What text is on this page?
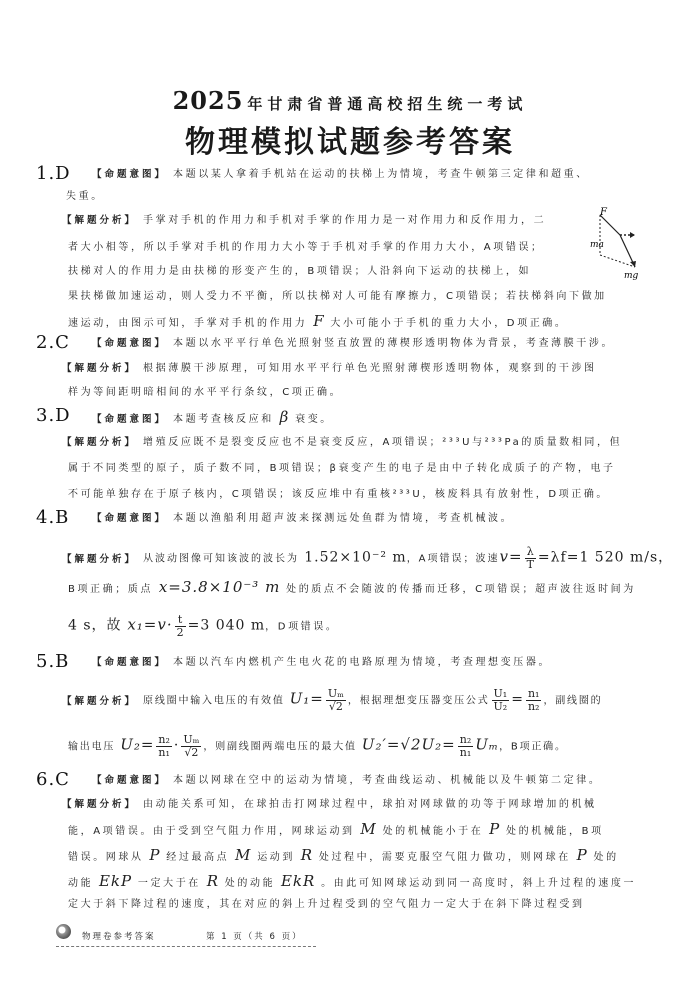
2025 年甘肃省普通高校招生统一考试
物理模拟试题参考答案
1.D	【 命题意图 】 本题以某人拿着手机站在运动的扶梯上为情境，考查牛顿第三定律和超重、
失重。
【 解题分析 】 手掌对手机的作用力和手机对手掌的作用力是一对作用力和反作用力，二
者大小相等，所以手掌对手机的作用力大小等于手机对手掌的作用力大小，A项错误；
扶梯对人的作用力是由扶梯的形变产生的，B项错误；人沿斜向下运动的扶梯上，如
果扶梯做加速运动，则人受力不平衡，所以扶梯对人可能有摩擦力，C项错误；若扶梯斜向下做加
速运动，由图示可知，手掌对手机的作用力 F 大小可能小于手机的重力大小，D项正确。
F
ma
mg
2.C	【 命题意图 】 本题以水平平行单色光照射竖直放置的薄楔形透明物体为背景，考查薄膜干涉。
【 解题分析 】 根据薄膜干涉原理，可知用水平平行单色光照射薄楔形透明物体，观察到的干涉图
样为等间距明暗相间的水平平行条纹，C项正确。
3.D	【 命题意图 】 本题考查核反应和 β 衰变。
【 解题分析 】 增殖反应既不是裂变反应也不是衰变反应，A项错误；²³³U与²³³Pa的质量数相同，但
属于不同类型的原子，质子数不同，B项错误；β衰变产生的电子是由中子转化成质子的产物，电子
不可能单独存在于原子核内，C项错误；该反应堆中有重核²³³U，核废料具有放射性，D项正确。
4.B	【 命题意图 】 本题以渔船利用超声波来探测远处鱼群为情境，考查机械波。
【 解题分析 】 从波动图像可知该波的波长为 1.52×10⁻² m，A项错误；波速$v= \frac{\lambda}{T} =\lambda f=1$ 520 m/s，
B项正确；质点 x=3.8×10⁻³ m 处的质点不会随波的传播而迁移，C项错误；超声波往返时间为
4 s，故 $x_1=v\cdot \frac{t}{2} =3$ 040 m，D项错误。
5.B	【 命题意图 】 本题以汽车内燃机产生电火花的电路原理为情境，考查理想变压器。
【 解题分析 】 原线圈中输入电压的有效值 $U_1= \frac{\text{Uₘ}}{√2}$ ，根据理想变压器变压公式 $\frac{\text{U₁}}{\text{U₂}} = \frac{\text{n₁}}{\text{n₂}}$ ，副线圈的
输出电压 $U_2= \frac{\text{n₂}}{\text{n₁}} \cdot \frac{\text{Uₘ}}{√2}$ ，则副线圈两端电压的最大值 $U_2'=√2U_2= \frac{\text{n₂}}{\text{n₁}}$ Uₘ，B项正确。
6.C	【 命题意图 】 本题以网球在空中的运动为情境，考查曲线运动、机械能以及牛顿第二定律。
【 解题分析 】 由动能关系可知，在球拍击打网球过程中，球拍对网球做的功等于网球增加的机械
能，A项错误。由于受到空气阻力作用，网球运动到 M 处的机械能小于在 P 处的机械能，B项
错误。网球从 P 经过最高点 M 运动到 R 处过程中，需要克服空气阻力做功，则网球在 P 处的
动能 EkP 一定大于在 R 处的动能 EkR 。由此可知网球运动到同一高度时，斜上升过程的速度一
定大于斜下降过程的速度，其在对应的斜上升过程受到的空气阻力一定大于在斜下降过程受到
物理卷参考答案	第 1 页（共 6 页）
